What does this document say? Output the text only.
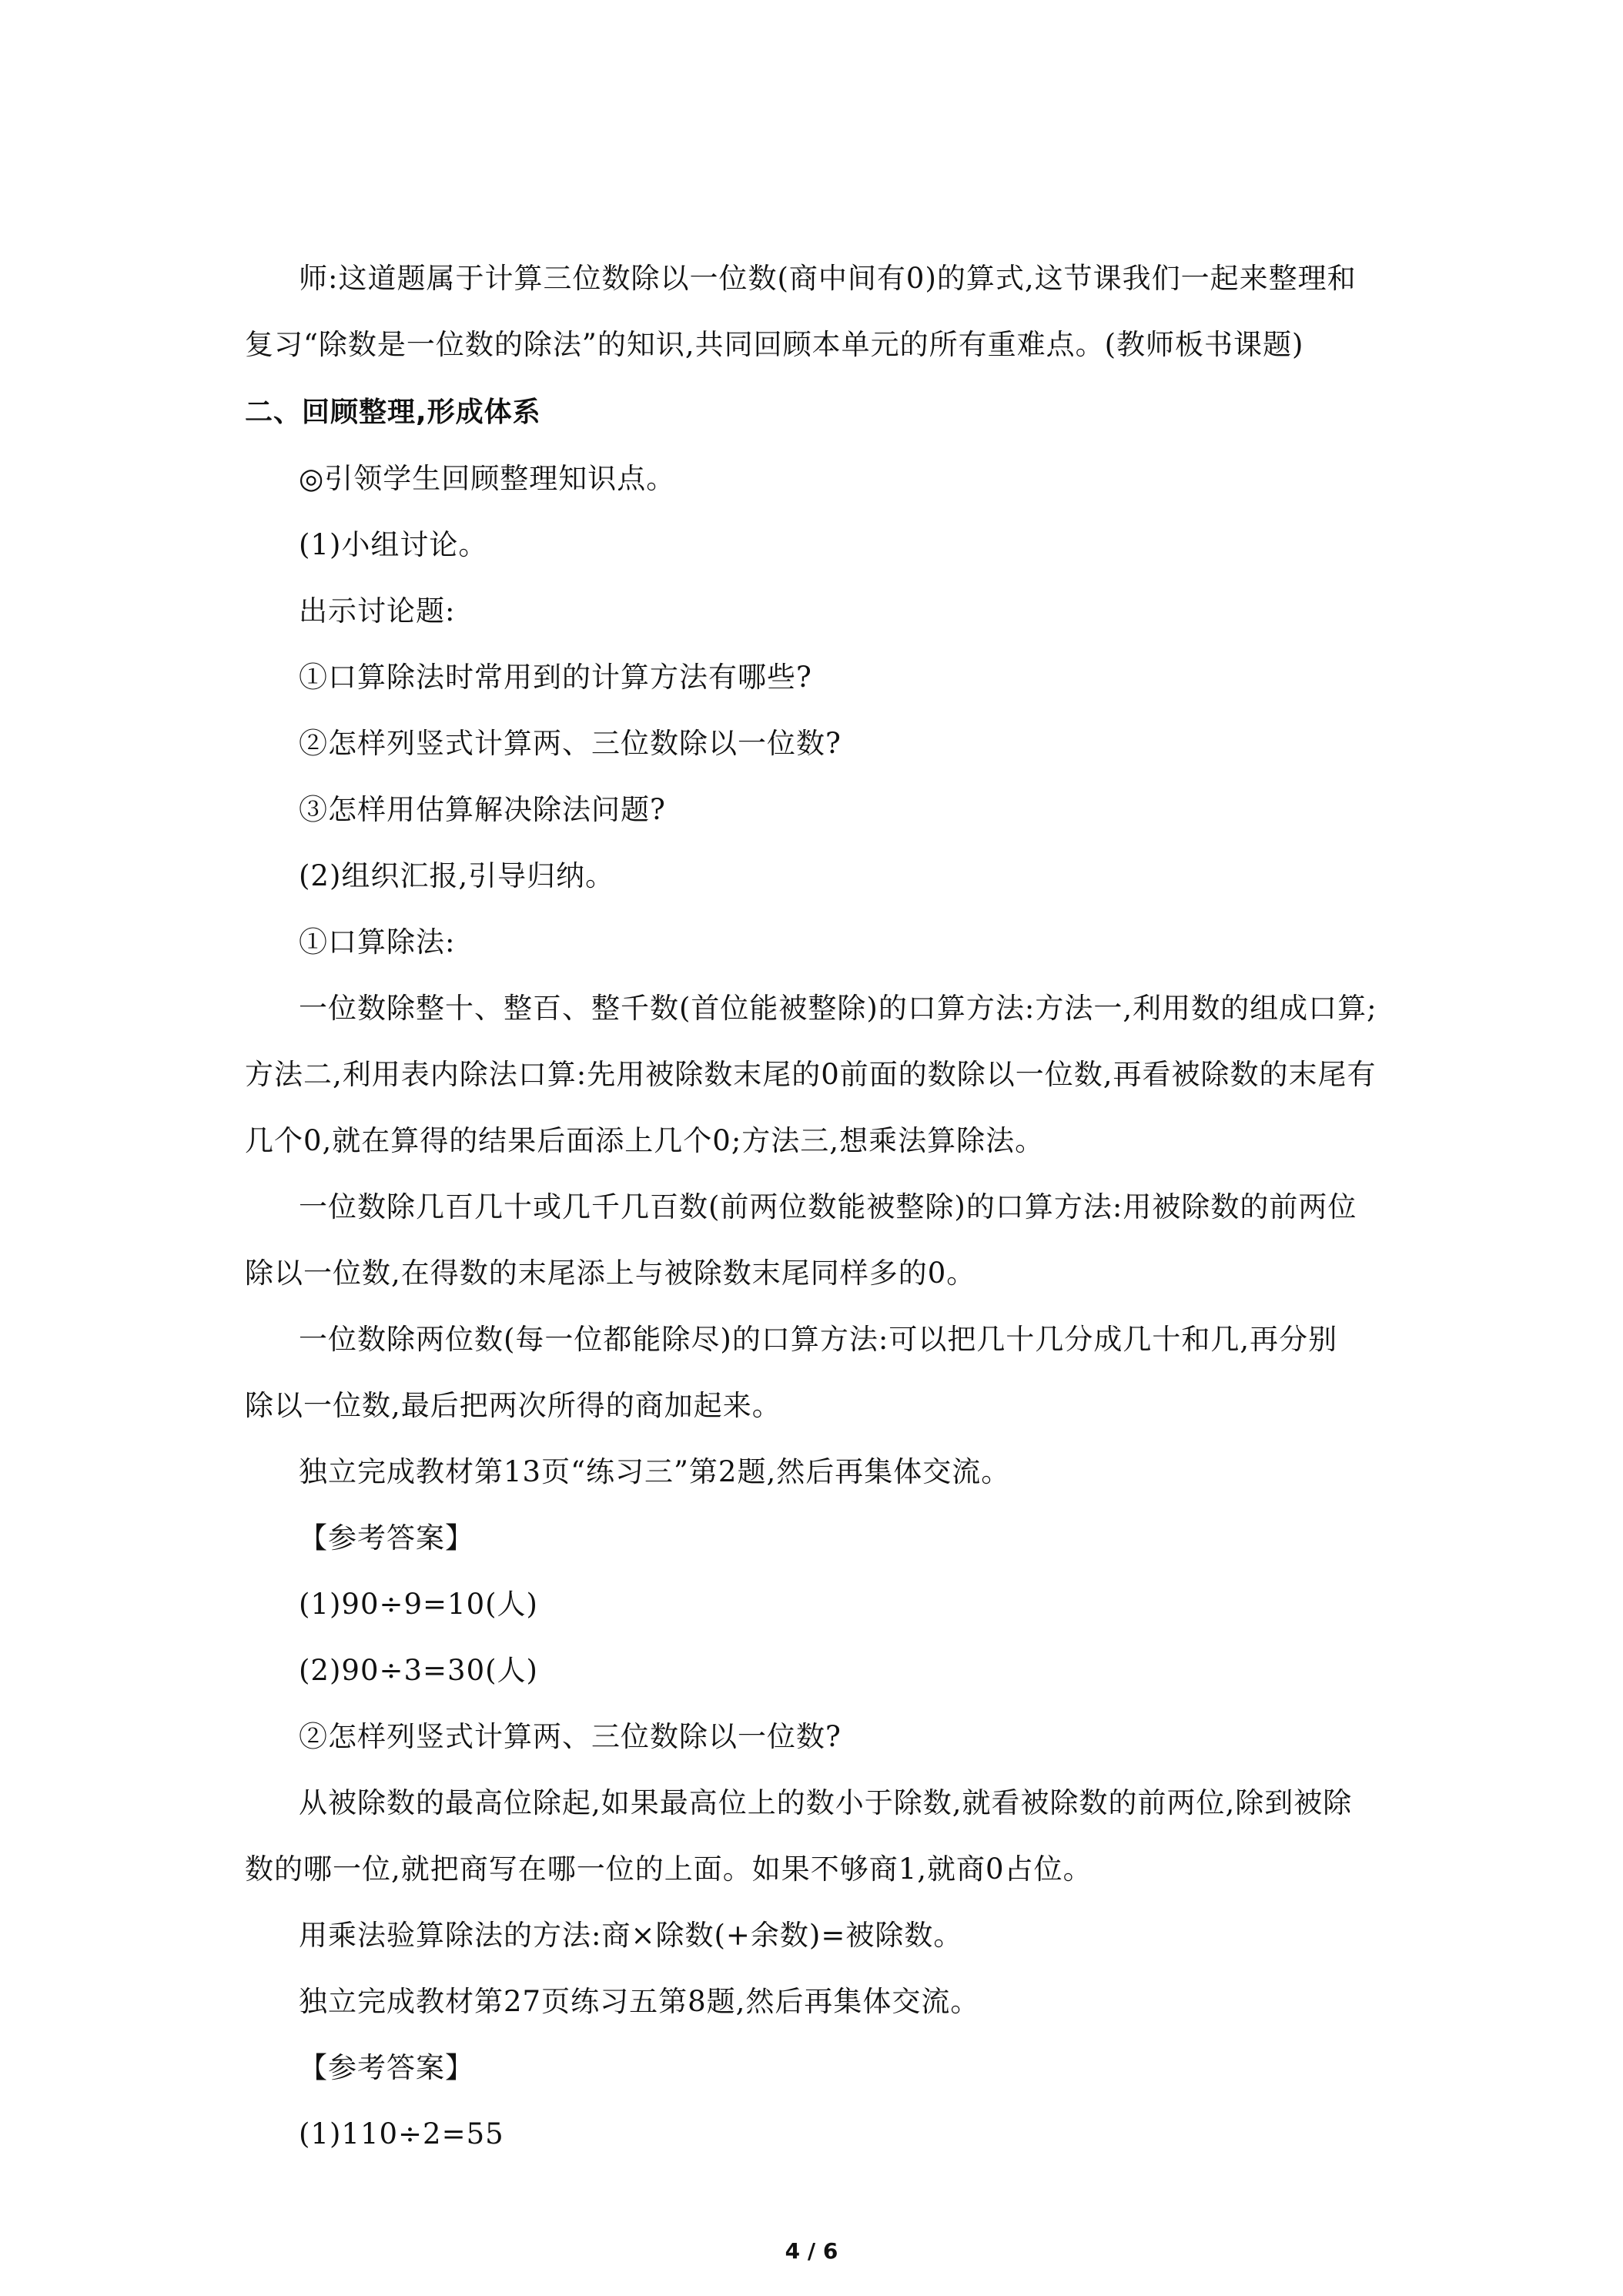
师:这道题属于计算三位数除以一位数(商中间有0)的算式,这节课我们一起来整理和
复习“除数是一位数的除法”的知识,共同回顾本单元的所有重难点。(教师板书课题)
二、回顾整理,形成体系
◎引领学生回顾整理知识点。
(1)小组讨论。
出示讨论题:
①口算除法时常用到的计算方法有哪些?
②怎样列竖式计算两、三位数除以一位数?
③怎样用估算解决除法问题?
(2)组织汇报,引导归纳。
①口算除法:
一位数除整十、整百、整千数(首位能被整除)的口算方法:方法一,利用数的组成口算;
方法二,利用表内除法口算:先用被除数末尾的0前面的数除以一位数,再看被除数的末尾有
几个0,就在算得的结果后面添上几个0;方法三,想乘法算除法。
一位数除几百几十或几千几百数(前两位数能被整除)的口算方法:用被除数的前两位
除以一位数,在得数的末尾添上与被除数末尾同样多的0。
一位数除两位数(每一位都能除尽)的口算方法:可以把几十几分成几十和几,再分别
除以一位数,最后把两次所得的商加起来。
独立完成教材第13页“练习三”第2题,然后再集体交流。
【参考答案】
(1)90÷9=10(人)
(2)90÷3=30(人)
②怎样列竖式计算两、三位数除以一位数?
从被除数的最高位除起,如果最高位上的数小于除数,就看被除数的前两位,除到被除
数的哪一位,就把商写在哪一位的上面。如果不够商1,就商0占位。
用乘法验算除法的方法:商×除数(+余数)=被除数。
独立完成教材第27页练习五第8题,然后再集体交流。
【参考答案】
(1)110÷2=55
4 / 6
